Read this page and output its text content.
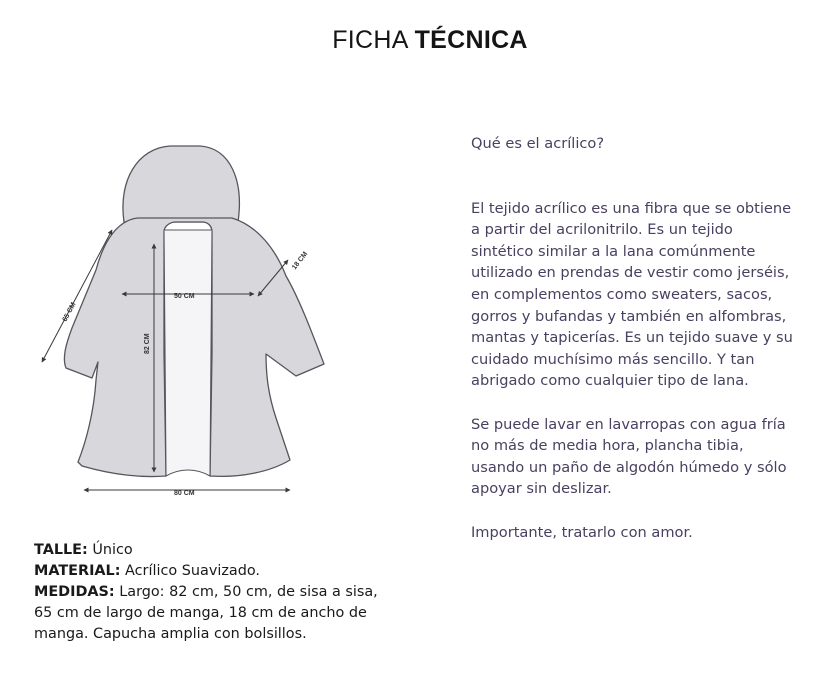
FICHA TÉCNICA
65 CM
18 CM
50 CM
82 CM
80 CM

Qué es el acrílico?

El tejido acrílico es una fibra que se obtiene

a partir del acrilonitrilo. Es un tejido

sintético similar a la lana comúnmente

utilizado en prendas de vestir como jerséis,

en complementos como sweaters, sacos,

gorros y bufandas y también en alfombras,

mantas y tapicerías. Es un tejido suave y su

cuidado muchísimo más sencillo. Y tan

abrigado como cualquier tipo de lana.

Se puede lavar en lavarropas con agua fría

no más de media hora, plancha tibia,

usando un paño de algodón húmedo y sólo

apoyar sin deslizar.

Importante, tratarlo con amor.

TALLE: Único
MATERIAL: Acrílico Suavizado.
MEDIDAS: Largo: 82 cm, 50 cm, de sisa a sisa,
65 cm de largo de manga, 18 cm de ancho de
manga. Capucha amplia con bolsillos.
